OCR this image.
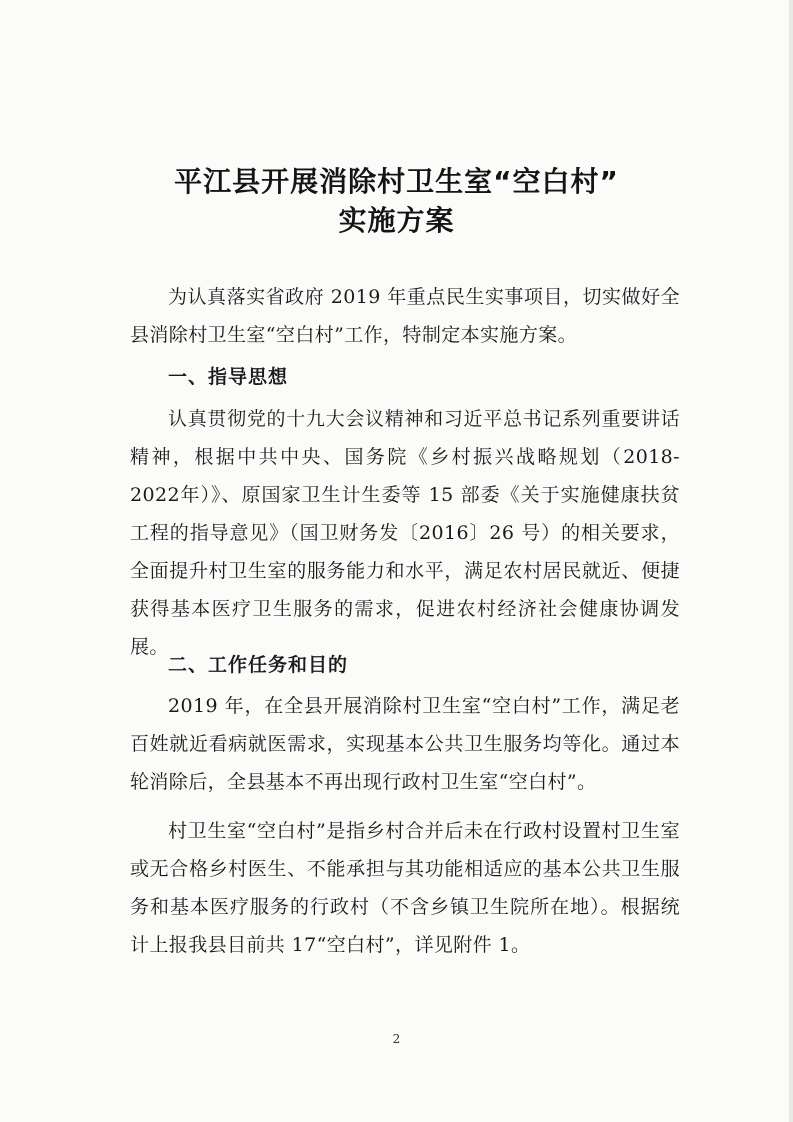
平江县开展消除村卫生室“空白村”
实施方案

为认真落实省政府 2019 年重点民生实事项目，切实做好全县消除村卫生室“空白村”工作，特制定本实施方案。

一、指导思想

认真贯彻党的十九大会议精神和习近平总书记系列重要讲话精神，根据中共中央、国务院《乡村振兴战略规划（2018-2022年）》、原国家卫生计生委等 15 部委《关于实施健康扶贫工程的指导意见》（国卫财务发〔2016〕26 号）的相关要求，全面提升村卫生室的服务能力和水平，满足农村居民就近、便捷获得基本医疗卫生服务的需求，促进农村经济社会健康协调发展。

二、工作任务和目的

2019 年，在全县开展消除村卫生室“空白村”工作，满足老百姓就近看病就医需求，实现基本公共卫生服务均等化。通过本轮消除后，全县基本不再出现行政村卫生室“空白村”。

村卫生室“空白村”是指乡村合并后未在行政村设置村卫生室或无合格乡村医生、不能承担与其功能相适应的基本公共卫生服务和基本医疗服务的行政村（不含乡镇卫生院所在地）。根据统计上报我县目前共 17“空白村”，详见附件 1。

2
